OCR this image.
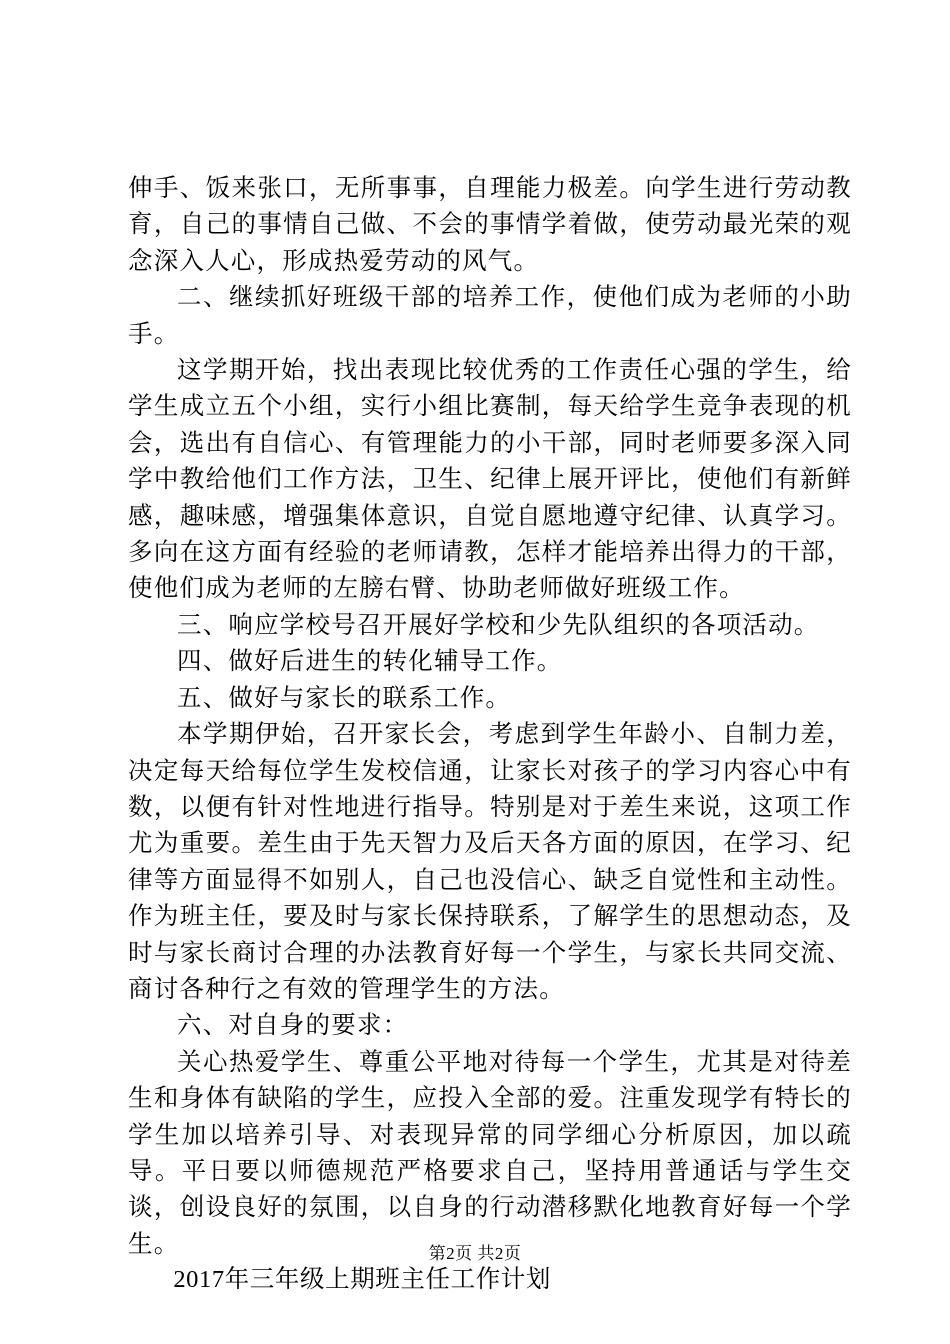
伸手、饭来张口，无所事事，自理能力极差。向学生进行劳动教育，自己的事情自己做、不会的事情学着做，使劳动最光荣的观念深入人心，形成热爱劳动的风气。

二、继续抓好班级干部的培养工作，使他们成为老师的小助手。

这学期开始，找出表现比较优秀的工作责任心强的学生，给学生成立五个小组，实行小组比赛制，每天给学生竞争表现的机会，选出有自信心、有管理能力的小干部，同时老师要多深入同学中教给他们工作方法，卫生、纪律上展开评比，使他们有新鲜感，趣味感，增强集体意识，自觉自愿地遵守纪律、认真学习。多向在这方面有经验的老师请教，怎样才能培养出得力的干部，使他们成为老师的左膀右臂、协助老师做好班级工作。

三、响应学校号召开展好学校和少先队组织的各项活动。

四、做好后进生的转化辅导工作。

五、做好与家长的联系工作。

本学期伊始，召开家长会，考虑到学生年龄小、自制力差，决定每天给每位学生发校信通，让家长对孩子的学习内容心中有数，以便有针对性地进行指导。特别是对于差生来说，这项工作尤为重要。差生由于先天智力及后天各方面的原因，在学习、纪律等方面显得不如别人，自己也没信心、缺乏自觉性和主动性。作为班主任，要及时与家长保持联系，了解学生的思想动态，及时与家长商讨合理的办法教育好每一个学生，与家长共同交流、商讨各种行之有效的管理学生的方法。

六、对自身的要求：

关心热爱学生、尊重公平地对待每一个学生，尤其是对待差生和身体有缺陷的学生，应投入全部的爱。注重发现学有特长的学生加以培养引导、对表现异常的同学细心分析原因，加以疏导。平日要以师德规范严格要求自己，坚持用普通话与学生交谈，创设良好的氛围，以自身的行动潜移默化地教育好每一个学生。

2017年三年级上期班主任工作计划

第2页 共2页
